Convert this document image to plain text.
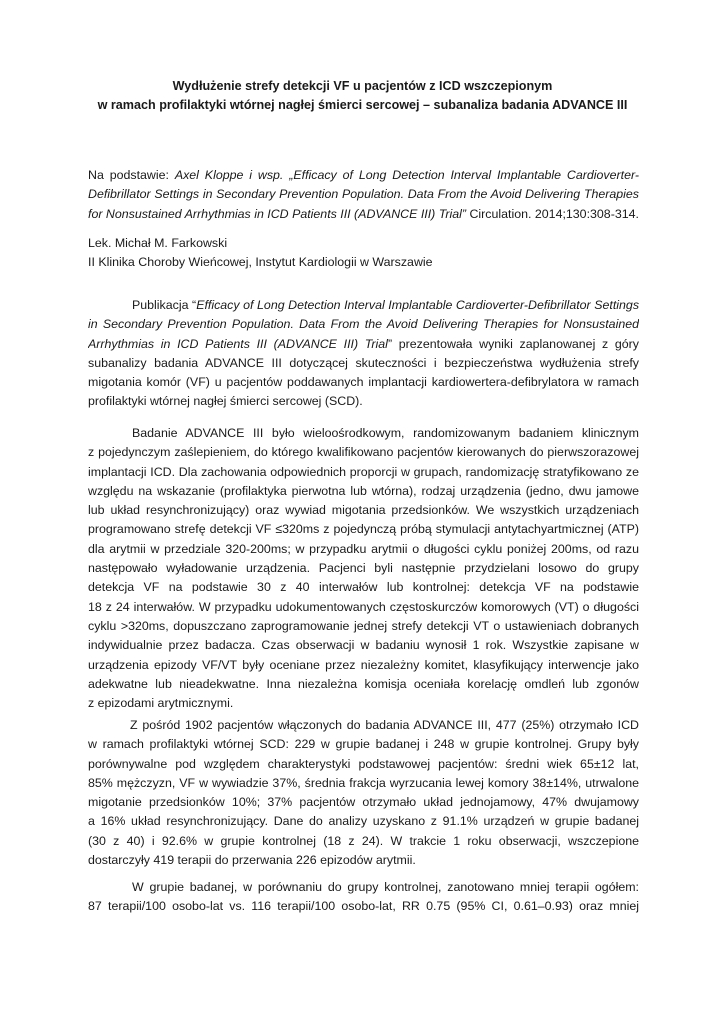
Wydłużenie strefy detekcji VF u pacjentów z ICD wszczepionym
w ramach profilaktyki wtórnej nagłej śmierci sercowej – subanaliza badania ADVANCE III
Na podstawie: Axel Kloppe i wsp. „Efficacy of Long Detection Interval Implantable Cardioverter-
Defibrillator Settings in Secondary Prevention Population. Data From the Avoid Delivering Therapies
for Nonsustained Arrhythmias in ICD Patients III (ADVANCE III) Trial” Circulation. 2014;130:308-314.
Lek. Michał M. Farkowski
II Klinika Choroby Wieńcowej, Instytut Kardiologii w Warszawie
Publikacja “Efficacy of Long Detection Interval Implantable Cardioverter-Defibrillator Settings
in Secondary Prevention Population. Data From the Avoid Delivering Therapies for Nonsustained
Arrhythmias in ICD Patients III (ADVANCE III) Trial” prezentowała wyniki zaplanowanej z góry
subanalizy badania ADVANCE III dotyczącej skuteczności i bezpieczeństwa wydłużenia strefy
migotania komór (VF) u pacjentów poddawanych implantacji kardiowertera-defibrylatora w ramach
profilaktyki wtórnej nagłej śmierci sercowej (SCD).
Badanie ADVANCE III było wieloośrodkowym, randomizowanym badaniem klinicznym
z pojedynczym zaślepieniem, do którego kwalifikowano pacjentów kierowanych do pierwszorazowej
implantacji ICD. Dla zachowania odpowiednich proporcji w grupach, randomizację stratyfikowano ze
względu na wskazanie (profilaktyka pierwotna lub wtórna), rodzaj urządzenia (jedno, dwu jamowe
lub układ resynchronizujący) oraz wywiad migotania przedsionków. We wszystkich urządzeniach
programowano strefę detekcji VF ≤320ms z pojedynczą próbą stymulacji antytachyartmicznej (ATP)
dla arytmii w przedziale 320-200ms; w przypadku arytmii o długości cyklu poniżej 200ms, od razu
następowało wyładowanie urządzenia. Pacjenci byli następnie przydzielani losowo do grupy
detekcja VF na podstawie 30 z 40 interwałów lub kontrolnej: detekcja VF na podstawie
18 z 24 interwałów. W przypadku udokumentowanych częstoskurczów komorowych (VT) o długości
cyklu >320ms, dopuszczano zaprogramowanie jednej strefy detekcji VT o ustawieniach dobranych
indywidualnie przez badacza. Czas obserwacji w badaniu wynosił 1 rok. Wszystkie zapisane w
urządzenia epizody VF/VT były oceniane przez niezależny komitet, klasyfikujący interwencje jako
adekwatne lub nieadekwatne. Inna niezależna komisja oceniała korelację omdleń lub zgonów
z epizodami arytmicznymi.
Z pośród 1902 pacjentów włączonych do badania ADVANCE III, 477 (25%) otrzymało ICD
w ramach profilaktyki wtórnej SCD: 229 w grupie badanej i 248 w grupie kontrolnej. Grupy były
porównywalne pod względem charakterystyki podstawowej pacjentów: średni wiek 65±12 lat,
85% mężczyzn, VF w wywiadzie 37%, średnia frakcja wyrzucania lewej komory 38±14%, utrwalone
migotanie przedsionków 10%; 37% pacjentów otrzymało układ jednojamowy, 47% dwujamowy
a 16% układ resynchronizujący. Dane do analizy uzyskano z 91.1% urządzeń w grupie badanej
(30 z 40) i 92.6% w grupie kontrolnej (18 z 24). W trakcie 1 roku obserwacji, wszczepione
dostarczyły 419 terapii do przerwania 226 epizodów arytmii.
W grupie badanej, w porównaniu do grupy kontrolnej, zanotowano mniej terapii ogółem:
87 terapii/100 osobo-lat vs. 116 terapii/100 osobo-lat, RR 0.75 (95% CI, 0.61–0.93) oraz mniej
